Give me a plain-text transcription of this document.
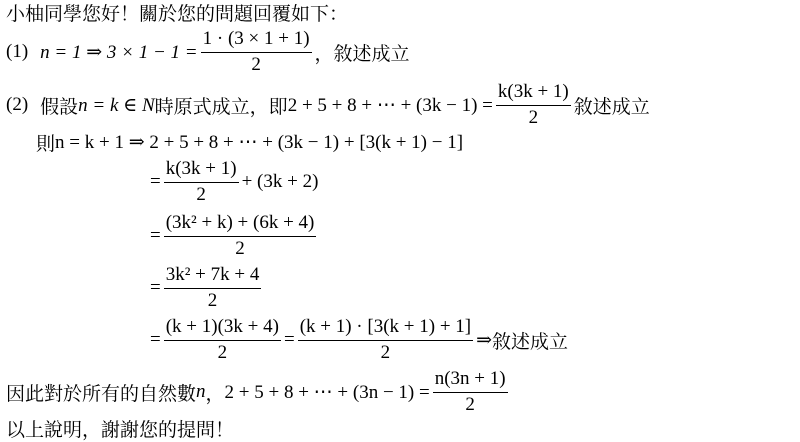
小柚同學您好！關於您的問題回覆如下：
(1) n = 1 ⇒ $3 \times 1 - 1 = \frac{1 \cdot (3 \times 1 + 1)}{2}$ ，敘述成立
(2) 假設 n = k ∈ N 時原式成立，即 2 + 5 + 8 + ⋯ + $(3k - 1) = \frac{k(3k + 1)}{2}$ 敘述成立
則 n = k + 1 ⇒ 2 + 5 + 8 + ⋯ + (3k − 1) + [3(k + 1) − 1]
= $\frac{k(3k + 1)}{2} + (3k + 2)$
= $\frac{\text{(3k² + k) + (6k + 4)}}{2}$
= $\frac{\text{3k² + 7k + 4}}{2}$
= $\frac{(k + 1)(3k + 4)}{2} = \frac{(k + 1) \cdot [3(k + 1) + 1]}{2}$ ⇒ 敘述成立
因此對於所有的自然數 n ， 2 + 5 + 8 + ⋯ + $(3n - 1) = \frac{n(3n + 1)}{2}$
以上說明，謝謝您的提問！
